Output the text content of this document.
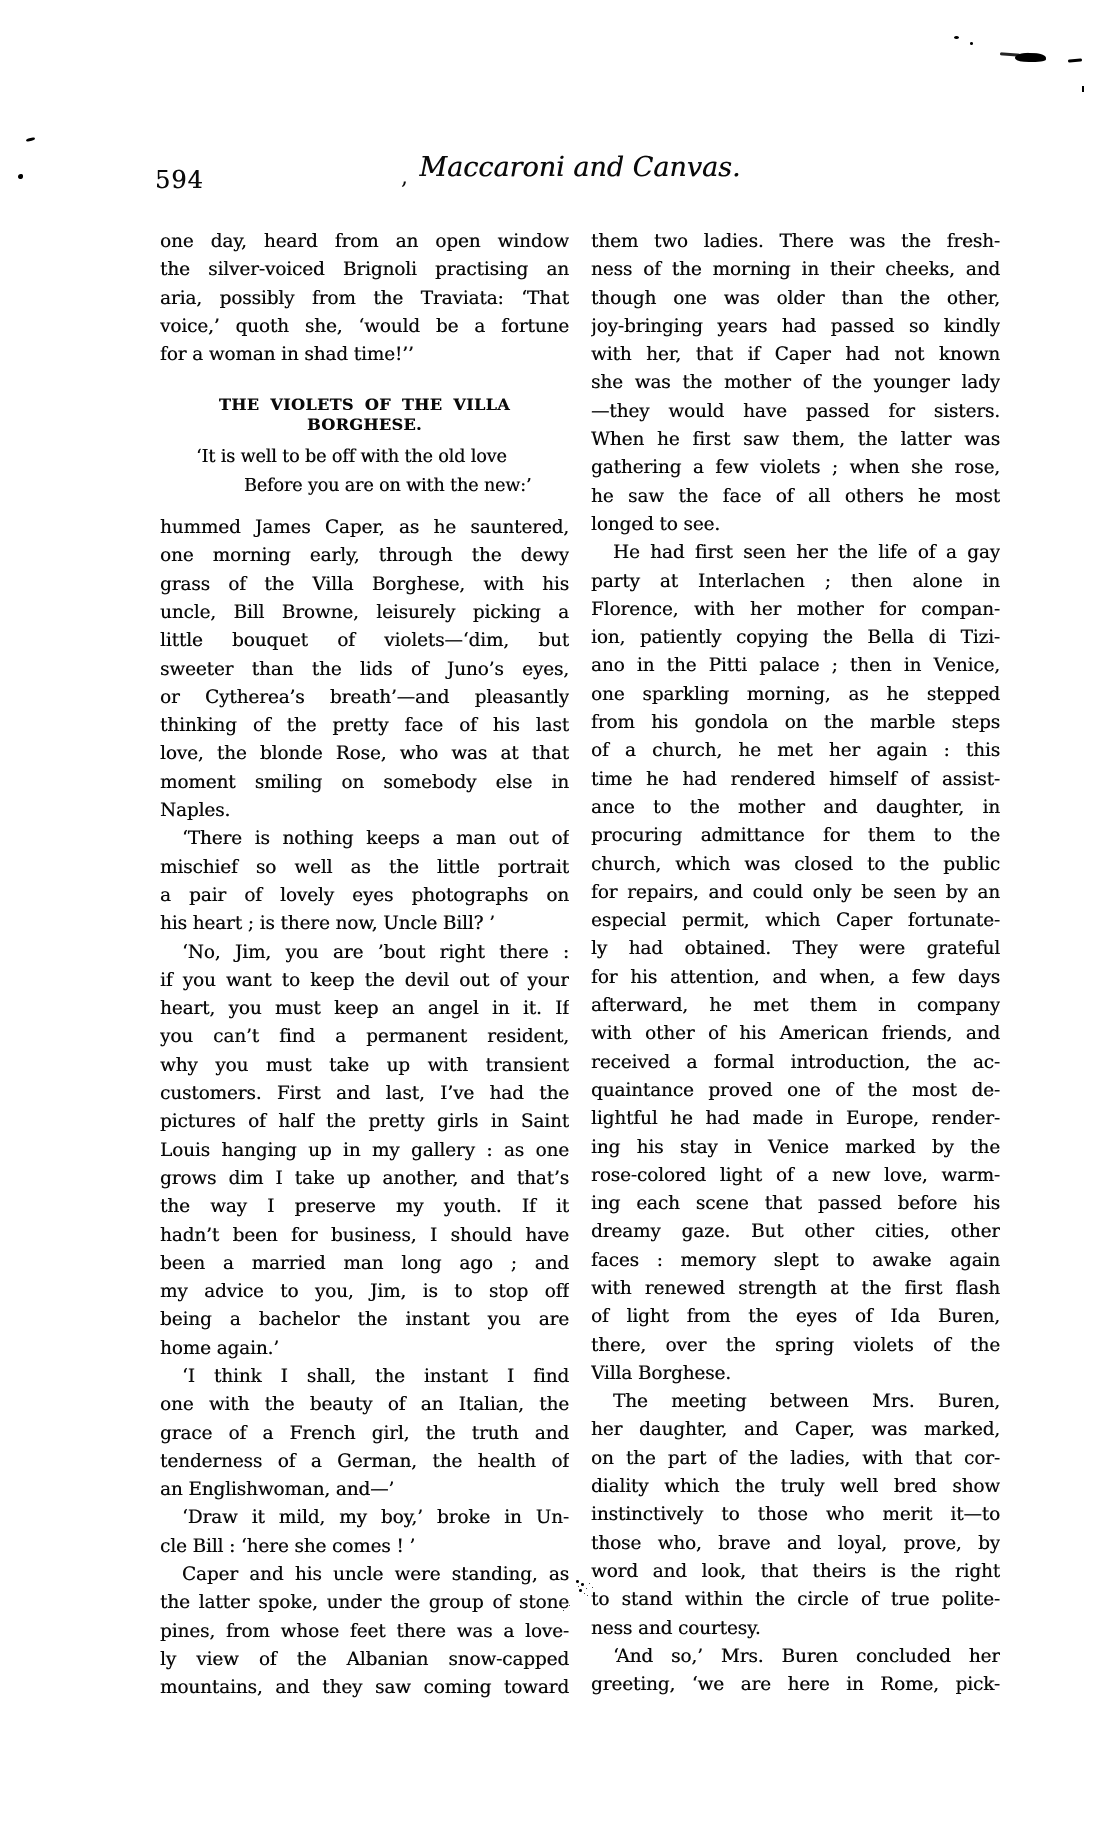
594	, Maccaroni and Canvas.
one day, heard from an open window
the silver-voiced Brignoli practising an
aria, possibly from the Traviata: ‘That
voice,’ quoth she, ‘would be a fortune
for a woman in shad time!’’
THE VIOLETS OF THE VILLA BORGHESE.
‘It is well to be off with the old love
Before you are on with the new:’
hummed James Caper, as he sauntered,
one morning early, through the dewy
grass of the Villa Borghese, with his
uncle, Bill Browne, leisurely picking a
little bouquet of violets—‘dim, but
sweeter than the lids of Juno’s eyes,
or Cytherea’s breath’—and pleasantly
thinking of the pretty face of his last
love, the blonde Rose, who was at that
moment smiling on somebody else in
Naples.
‘There is nothing keeps a man out of
mischief so well as the little portrait
a pair of lovely eyes photographs on
his heart ; is there now, Uncle Bill? ’
‘No, Jim, you are ’bout right there :
if you want to keep the devil out of your
heart, you must keep an angel in it. If
you can’t find a permanent resident,
why you must take up with transient
customers. First and last, I’ve had the
pictures of half the pretty girls in Saint
Louis hanging up in my gallery : as one
grows dim I take up another, and that’s
the way I preserve my youth. If it
hadn’t been for business, I should have
been a married man long ago ; and
my advice to you, Jim, is to stop off
being a bachelor the instant you are
home again.’
‘I think I shall, the instant I find
one with the beauty of an Italian, the
grace of a French girl, the truth and
tenderness of a German, the health of
an Englishwoman, and—’
‘Draw it mild, my boy,’ broke in Un-
cle Bill : ‘here she comes ! ’
Caper and his uncle were standing, as
the latter spoke, under the group of stone
pines, from whose feet there was a love-
ly view of the Albanian snow-capped
mountains, and they saw coming toward
them two ladies. There was the fresh-
ness of the morning in their cheeks, and
though one was older than the other,
joy-bringing years had passed so kindly
with her, that if Caper had not known
she was the mother of the younger lady
—they would have passed for sisters.
When he first saw them, the latter was
gathering a few violets ; when she rose,
he saw the face of all others he most
longed to see.
He had first seen her the life of a gay
party at Interlachen ; then alone in
Florence, with her mother for compan-
ion, patiently copying the Bella di Tizi-
ano in the Pitti palace ; then in Venice,
one sparkling morning, as he stepped
from his gondola on the marble steps
of a church, he met her again : this
time he had rendered himself of assist-
ance to the mother and daughter, in
procuring admittance for them to the
church, which was closed to the public
for repairs, and could only be seen by an
especial permit, which Caper fortunate-
ly had obtained. They were grateful
for his attention, and when, a few days
afterward, he met them in company
with other of his American friends, and
received a formal introduction, the ac-
quaintance proved one of the most de-
lightful he had made in Europe, render-
ing his stay in Venice marked by the
rose-colored light of a new love, warm-
ing each scene that passed before his
dreamy gaze. But other cities, other
faces : memory slept to awake again
with renewed strength at the first flash
of light from the eyes of Ida Buren,
there, over the spring violets of the
Villa Borghese.
The meeting between Mrs. Buren,
her daughter, and Caper, was marked,
on the part of the ladies, with that cor-
diality which the truly well bred show
instinctively to those who merit it—to
those who, brave and loyal, prove, by
word and look, that theirs is the right
to stand within the circle of true polite-
ness and courtesy.
‘And so,’ Mrs. Buren concluded her
greeting, ‘we are here in Rome, pick-
